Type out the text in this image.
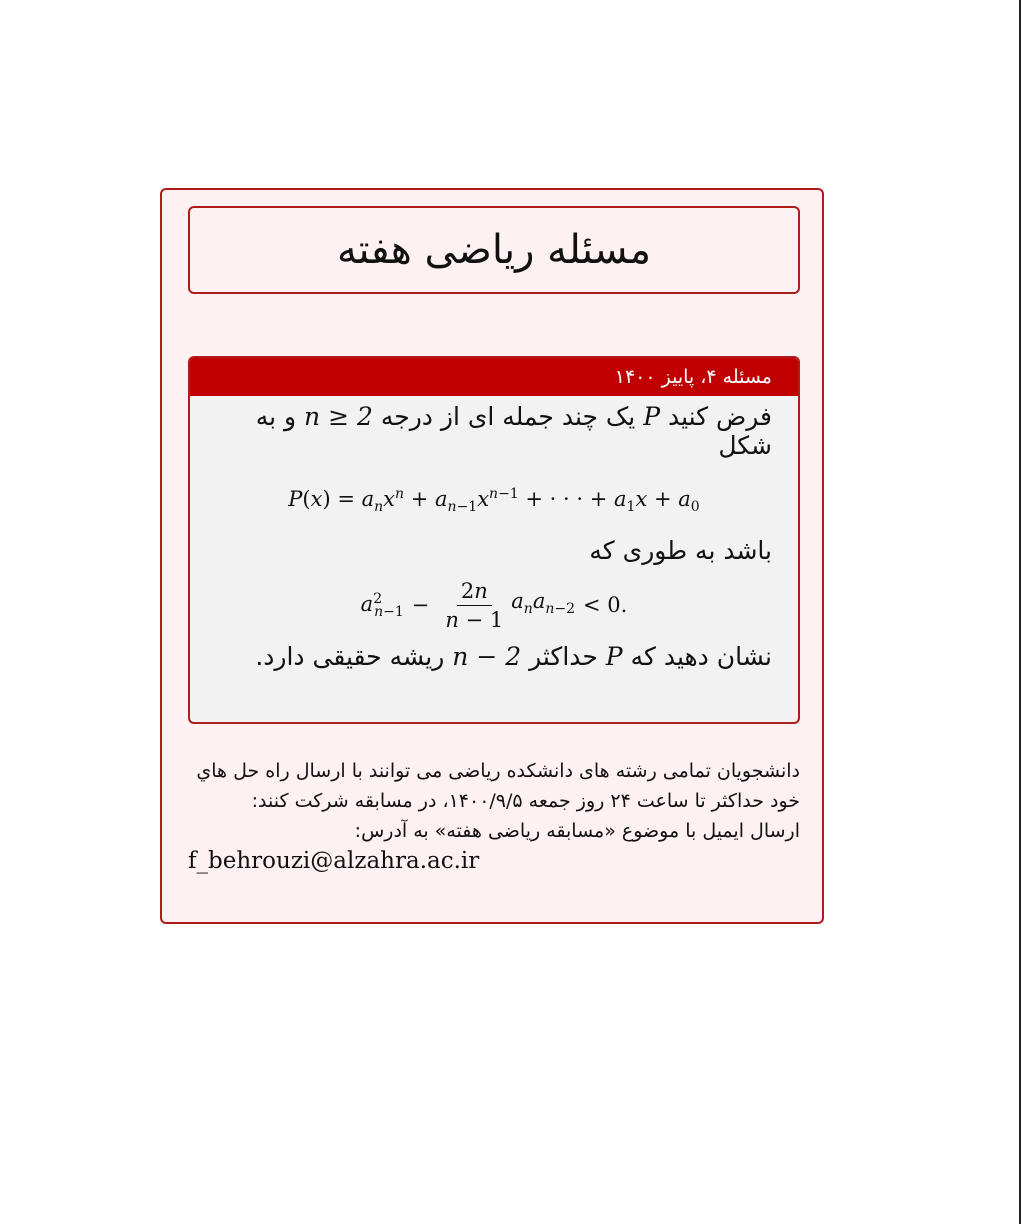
مسئله ریاضی هفته
مسئله ۴، پاییز ۱۴۰۰
فرض کنید P یک چند جمله ای از درجه n ≥ 2 و به شکل
$P(x) = a_nx^n + a_{n-1}x^{n-1}$ + · · · + $a_1x + a_0$
باشد به طوری که
$a^2_{n-1} - \frac{2n}{n - 1} a_na_{n-2} < 0$.
نشان دهید که P حداکثر n − 2 ریشه حقیقی دارد.
دانشجویان تمامی رشته های دانشکده ریاضی می توانند با ارسال راه حل هاي خود حداکثر تا ساعت ۲۴ روز جمعه ۱۴۰۰/۹/۵، در مسابقه شرکت کنند:
ارسال ایمیل با موضوع «مسابقه ریاضی هفته» به آدرس:
f_behrouzi@alzahra.ac.ir
